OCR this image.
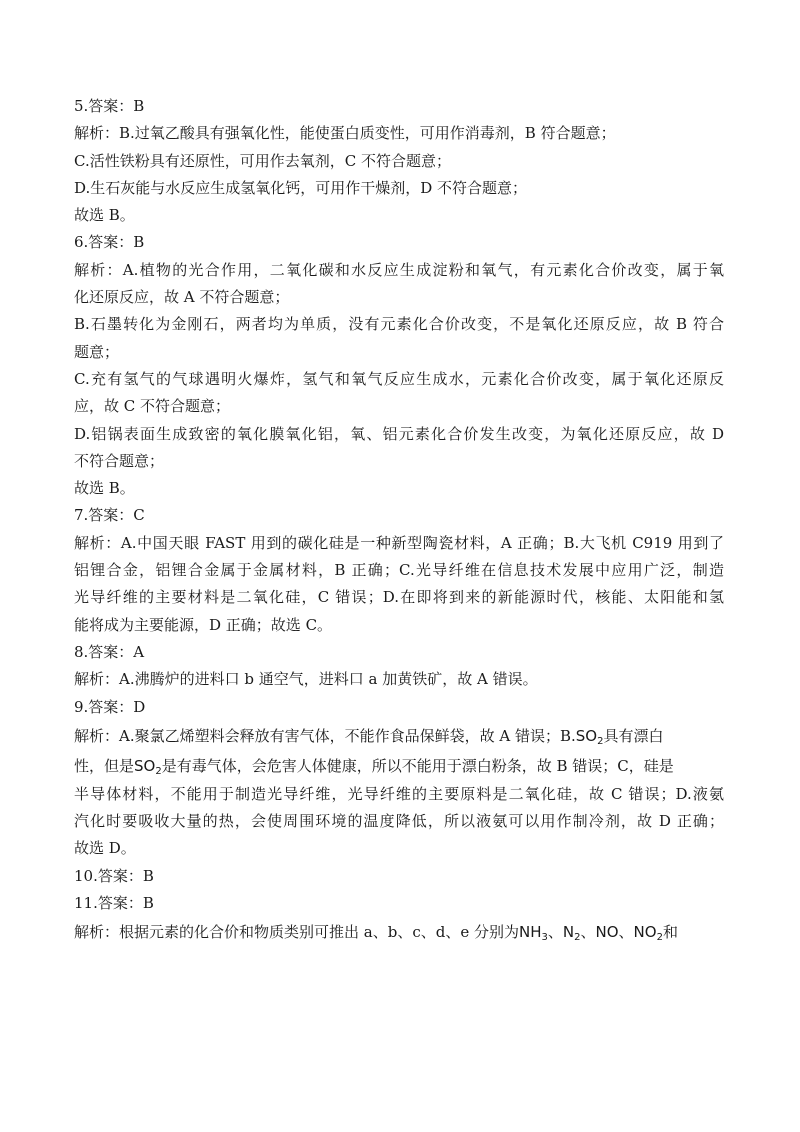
5.答案：B
解析：B.过氧乙酸具有强氧化性，能使蛋白质变性，可用作消毒剂，B 符合题意；
C.活性铁粉具有还原性，可用作去氧剂，C 不符合题意；
D.生石灰能与水反应生成氢氧化钙，可用作干燥剂，D 不符合题意；
故选 B。
6.答案：B
解析：A.植物的光合作用，二氧化碳和水反应生成淀粉和氧气，有元素化合价改变，属于氧
化还原反应，故 A 不符合题意；
B.石墨转化为金刚石，两者均为单质，没有元素化合价改变，不是氧化还原反应，故 B 符合
题意；
C.充有氢气的气球遇明火爆炸，氢气和氧气反应生成水，元素化合价改变，属于氧化还原反
应，故 C 不符合题意；
D.铝锅表面生成致密的氧化膜氧化铝，氧、铝元素化合价发生改变，为氧化还原反应，故 D
不符合题意；
故选 B。
7.答案：C
解析：A.中国天眼 FAST 用到的碳化硅是一种新型陶瓷材料，A 正确；B.大飞机 C919 用到了
铝锂合金，铝锂合金属于金属材料，B 正确；C.光导纤维在信息技术发展中应用广泛，制造
光导纤维的主要材料是二氧化硅，C 错误；D.在即将到来的新能源时代，核能、太阳能和氢
能将成为主要能源，D 正确；故选 C。
8.答案：A
解析：A.沸腾炉的进料口 b 通空气，进料口 a 加黄铁矿，故 A 错误。
9.答案：D
解析：A.聚氯乙烯塑料会释放有害气体，不能作食品保鲜袋，故 A 错误；$B.SO_2$具有漂白
性，但是$SO_2$是有毒气体，会危害人体健康，所以不能用于漂白粉条，故 B 错误；C，硅是
半导体材料，不能用于制造光导纤维，光导纤维的主要原料是二氧化硅，故 C 错误；D.液氨
汽化时要吸收大量的热，会使周围环境的温度降低，所以液氨可以用作制冷剂，故 D 正确；
故选 D。
10.答案：B
11.答案：B
解析：根据元素的化合价和物质类别可推出 a、b、c、d、e 分别为$NH_3$、$N_2$、NO、$NO_2$和
